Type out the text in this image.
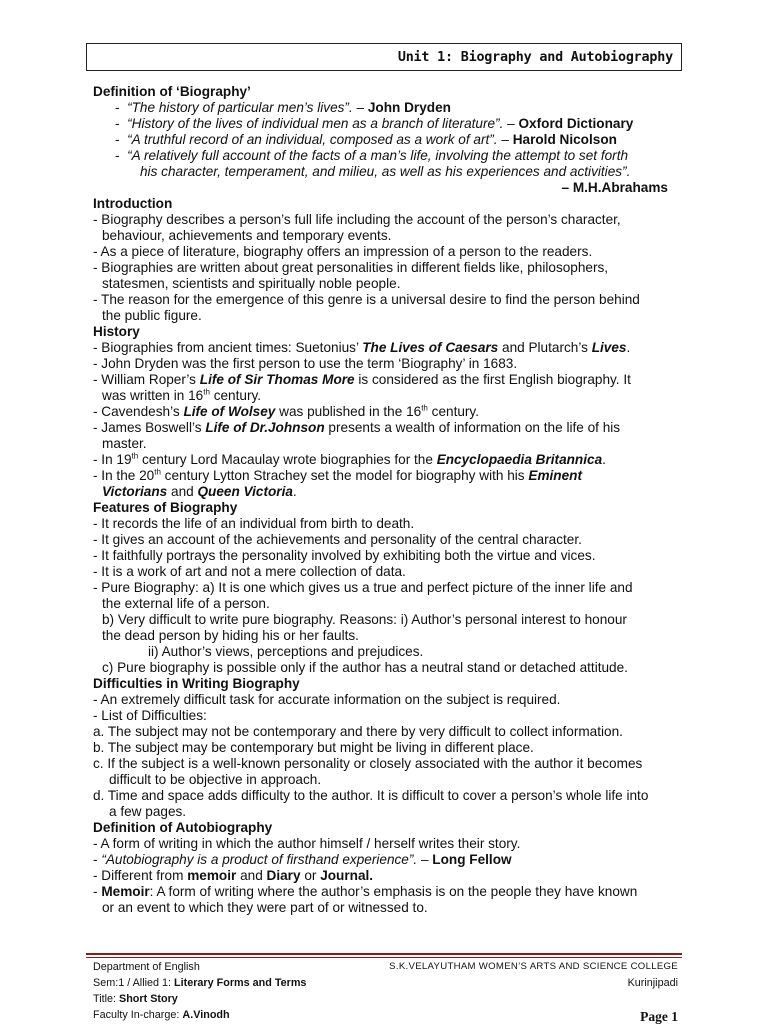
Unit 1: Biography and Autobiography
Definition of ‘Biography’
- “The history of particular men’s lives”. – John Dryden
- “History of the lives of individual men as a branch of literature”. – Oxford Dictionary
- “A truthful record of an individual, composed as a work of art”. – Harold Nicolson
- “A relatively full account of the facts of a man’s life, involving the attempt to set forth
his character, temperament, and milieu, as well as his experiences and activities”.
– M.H.Abrahams
Introduction
- Biography describes a person’s full life including the account of the person’s character,
behaviour, achievements and temporary events.
- As a piece of literature, biography offers an impression of a person to the readers.
- Biographies are written about great personalities in different fields like, philosophers,
statesmen, scientists and spiritually noble people.
- The reason for the emergence of this genre is a universal desire to find the person behind
the public figure.
History
- Biographies from ancient times: Suetonius’ The Lives of Caesars and Plutarch’s Lives.
- John Dryden was the first person to use the term ‘Biography’ in 1683.
- William Roper’s Life of Sir Thomas More is considered as the first English biography. It
was written in 16th century.
- Cavendesh’s Life of Wolsey was published in the 16th century.
- James Boswell’s Life of Dr.Johnson presents a wealth of information on the life of his
master.
- In 19th century Lord Macaulay wrote biographies for the Encyclopaedia Britannica.
- In the 20th century Lytton Strachey set the model for biography with his Eminent
Victorians and Queen Victoria.
Features of Biography
- It records the life of an individual from birth to death.
- It gives an account of the achievements and personality of the central character.
- It faithfully portrays the personality involved by exhibiting both the virtue and vices.
- It is a work of art and not a mere collection of data.
- Pure Biography: a) It is one which gives us a true and perfect picture of the inner life and
the external life of a person.
b) Very difficult to write pure biography. Reasons: i) Author’s personal interest to honour
the dead person by hiding his or her faults.
ii) Author’s views, perceptions and prejudices.
c) Pure biography is possible only if the author has a neutral stand or detached attitude.
Difficulties in Writing Biography
- An extremely difficult task for accurate information on the subject is required.
- List of Difficulties:
a. The subject may not be contemporary and there by very difficult to collect information.
b. The subject may be contemporary but might be living in different place.
c. If the subject is a well-known personality or closely associated with the author it becomes
difficult to be objective in approach.
d. Time and space adds difficulty to the author. It is difficult to cover a person’s whole life into
a few pages.
Definition of Autobiography
- A form of writing in which the author himself / herself writes their story.
- “Autobiography is a product of firsthand experience”. – Long Fellow
- Different from memoir and Diary or Journal.
- Memoir: A form of writing where the author’s emphasis is on the people they have known
or an event to which they were part of or witnessed to.
Department of English	S.K.VELAYUTHAM WOMEN’S ARTS AND SCIENCE COLLEGE
Sem:1 / Allied 1: Literary Forms and Terms	Kurinjipadi
Title: Short Story
Faculty In-charge: A.Vinodh	Page 1
